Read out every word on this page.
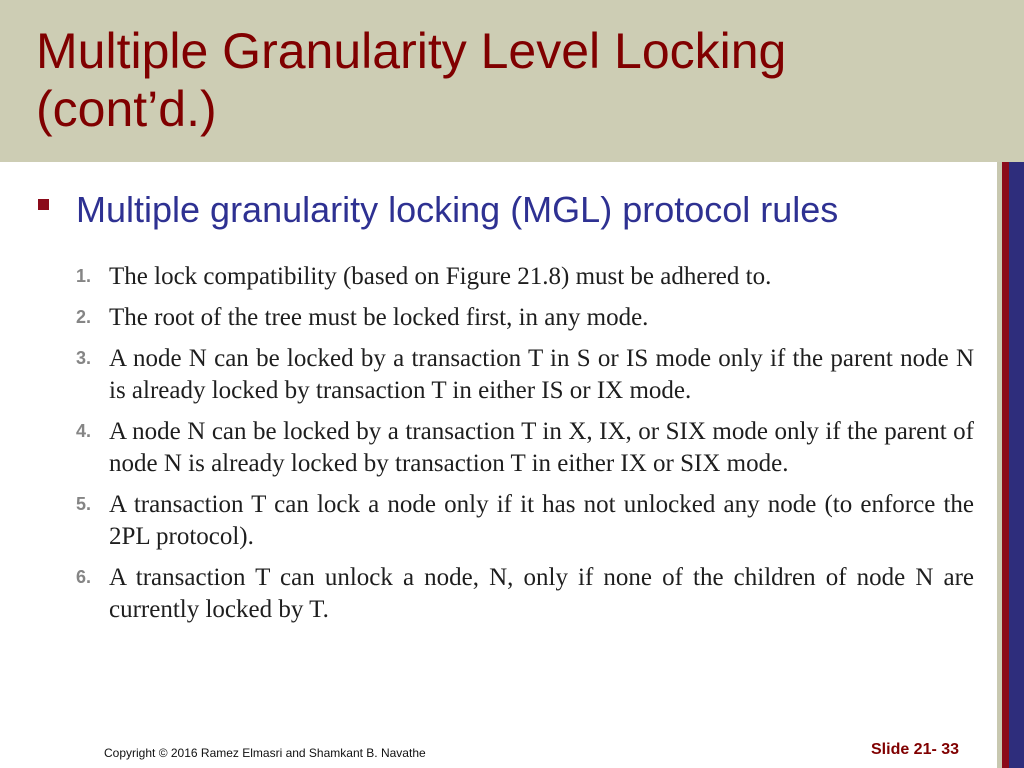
Multiple Granularity Level Locking
(cont’d.)
Multiple granularity locking (MGL) protocol rules
1. The lock compatibility (based on Figure 21.8) must be adhered to.
2. The root of the tree must be locked first, in any mode.
3. A node N can be locked by a transaction T in S or IS mode only if the parent node N is already locked by transaction T in either IS or IX mode.
4. A node N can be locked by a transaction T in X, IX, or SIX mode only if the parent of node N is already locked by transaction T in either IX or SIX mode.
5. A transaction T can lock a node only if it has not unlocked any node (to enforce the 2PL protocol).
6. A transaction T can unlock a node, N, only if none of the children of node N are currently locked by T.
Copyright © 2016 Ramez Elmasri and Shamkant B. Navathe	Slide 21- 33
